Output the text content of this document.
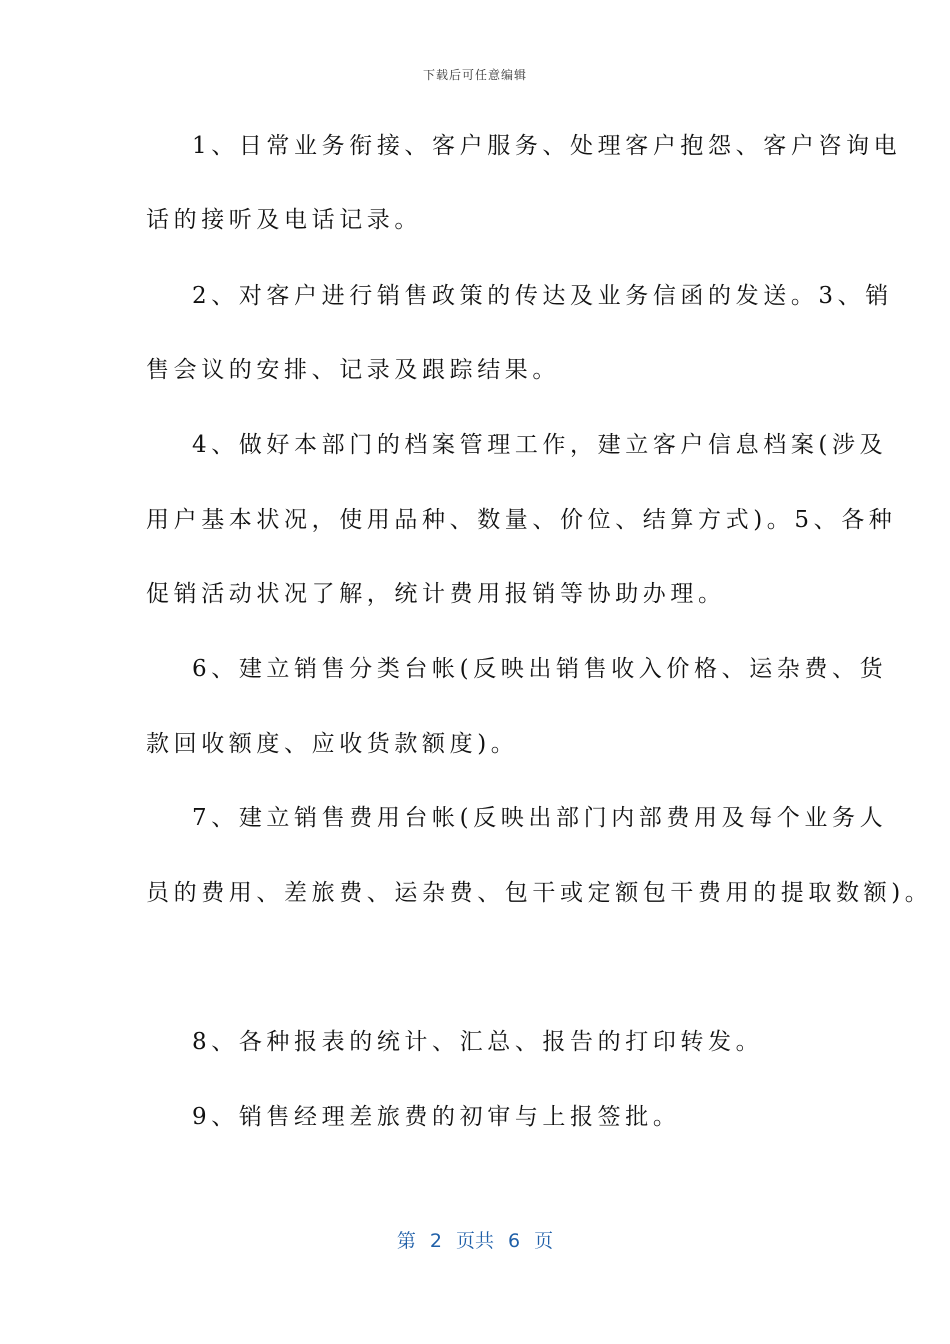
下载后可任意编辑
1、日常业务衔接、客户服务、处理客户抱怨、客户咨询电
话的接听及电话记录。
2、对客户进行销售政策的传达及业务信函的发送。3、销
售会议的安排、记录及跟踪结果。
4、做好本部门的档案管理工作，建立客户信息档案(涉及
用户基本状况，使用品种、数量、价位、结算方式)。5、各种
促销活动状况了解，统计费用报销等协助办理。
6、建立销售分类台帐(反映出销售收入价格、运杂费、货
款回收额度、应收货款额度)。
7、建立销售费用台帐(反映出部门内部费用及每个业务人
员的费用、差旅费、运杂费、包干或定额包干费用的提取数额)。
8、各种报表的统计、汇总、报告的打印转发。
9、销售经理差旅费的初审与上报签批。
第 2 页共 6 页
